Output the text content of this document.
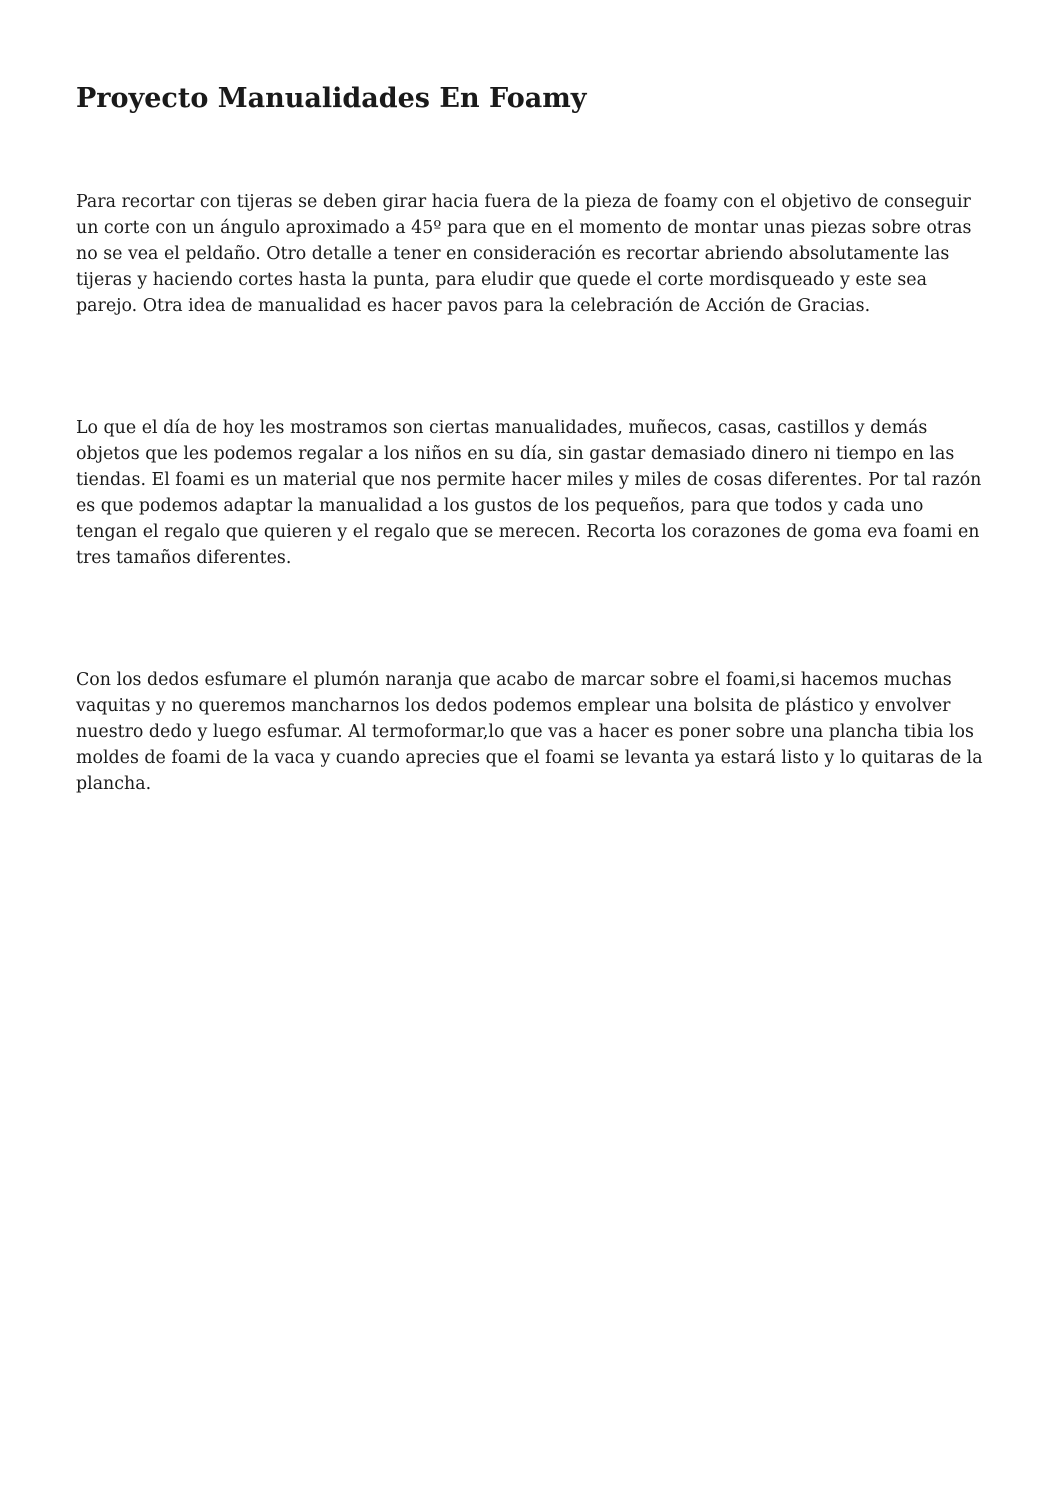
Proyecto Manualidades En Foamy

Para recortar con tijeras se deben girar hacia fuera de la pieza de foamy con el objetivo de conseguir un corte con un ángulo aproximado a 45º para que en el momento de montar unas piezas sobre otras no se vea el peldaño. Otro detalle a tener en consideración es recortar abriendo absolutamente las tijeras y haciendo cortes hasta la punta, para eludir que quede el corte mordisqueado y este sea parejo. Otra idea de manualidad es hacer pavos para la celebración de Acción de Gracias.

Lo que el día de hoy les mostramos son ciertas manualidades, muñecos, casas, castillos y demás objetos que les podemos regalar a los niños en su día, sin gastar demasiado dinero ni tiempo en las tiendas. El foami es un material que nos permite hacer miles y miles de cosas diferentes. Por tal razón es que podemos adaptar la manualidad a los gustos de los pequeños, para que todos y cada uno tengan el regalo que quieren y el regalo que se merecen. Recorta los corazones de goma eva foami en tres tamaños diferentes.

Con los dedos esfumare el plumón naranja que acabo de marcar sobre el foami,si hacemos muchas vaquitas y no queremos mancharnos los dedos podemos emplear una bolsita de plástico y envolver nuestro dedo y luego esfumar. Al termoformar,lo que vas a hacer es poner sobre una plancha tibia los moldes de foami de la vaca y cuando aprecies que el foami se levanta ya estará listo y lo quitaras de la plancha.
